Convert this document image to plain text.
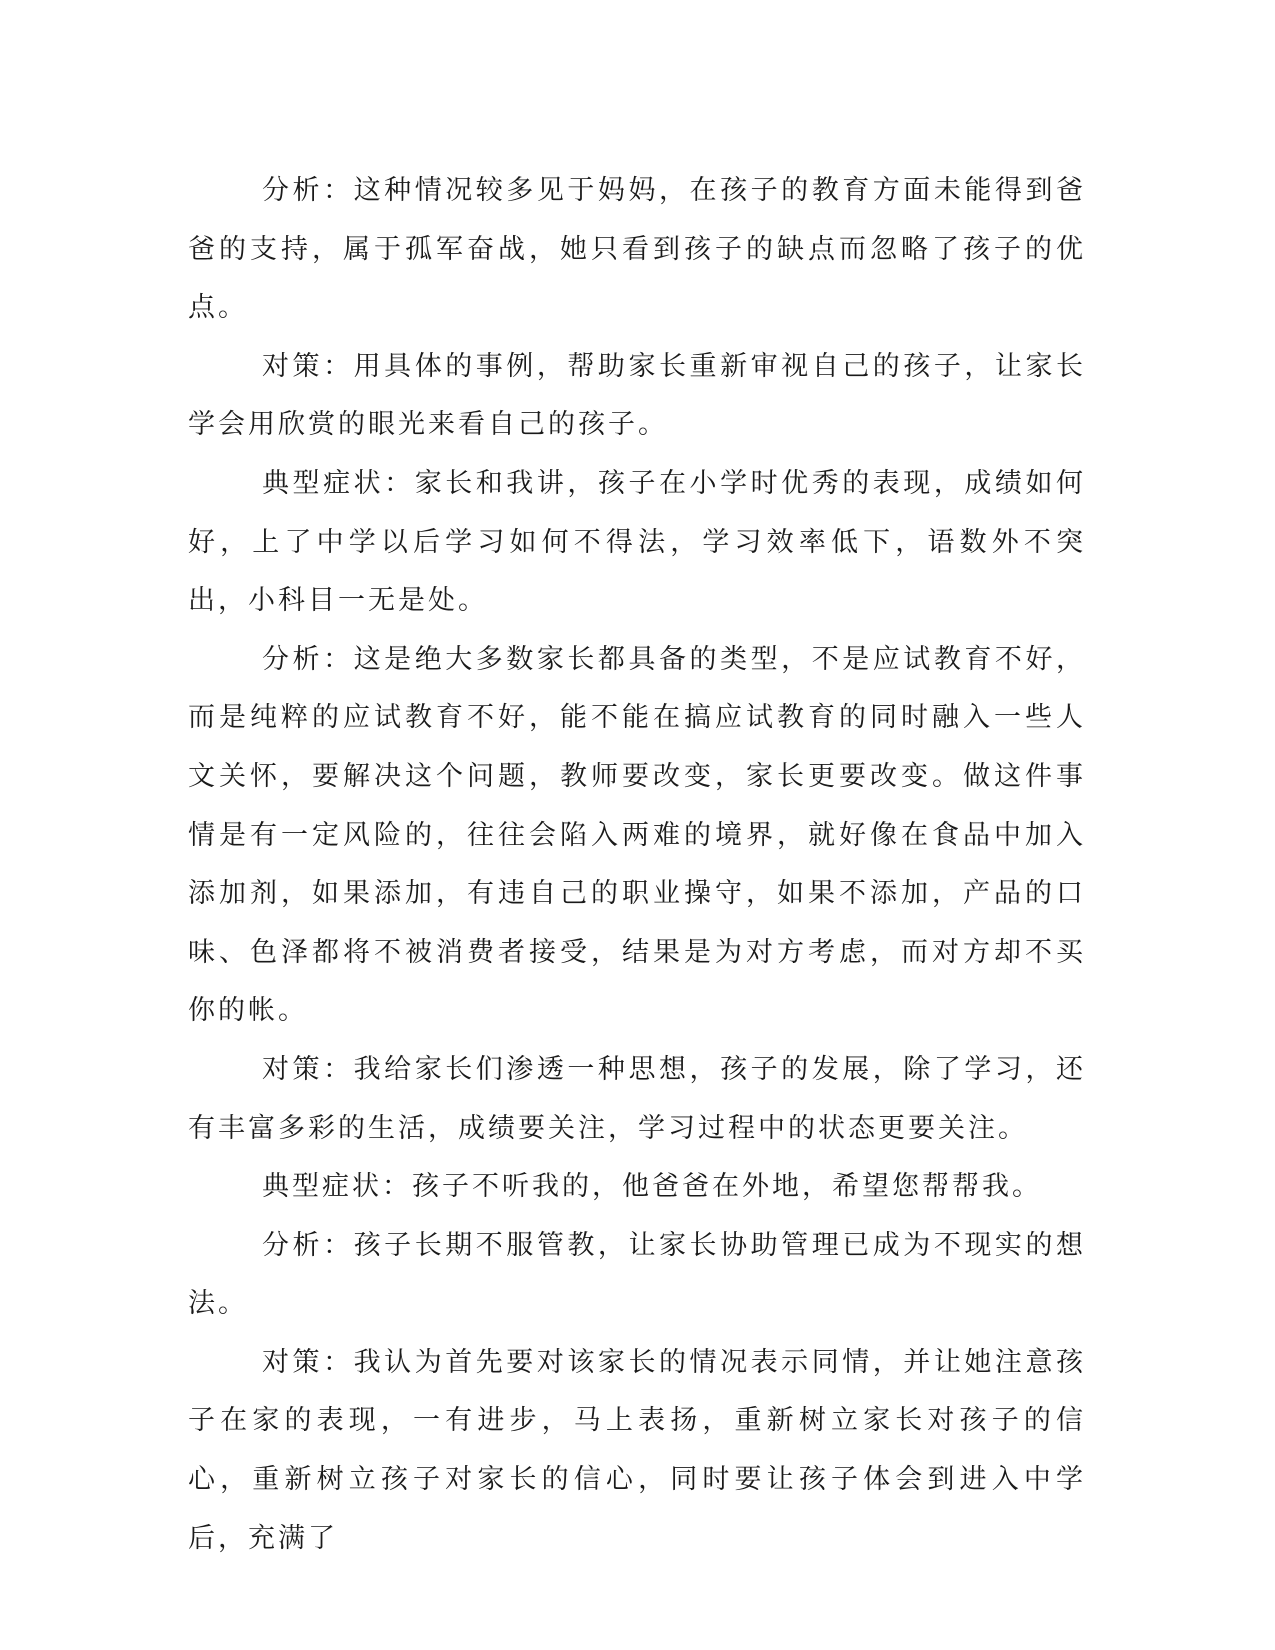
分析：这种情况较多见于妈妈，在孩子的教育方面未能得到爸爸的支持，属于孤军奋战，她只看到孩子的缺点而忽略了孩子的优点。

对策：用具体的事例，帮助家长重新审视自己的孩子，让家长学会用欣赏的眼光来看自己的孩子。

典型症状：家长和我讲，孩子在小学时优秀的表现，成绩如何好，上了中学以后学习如何不得法，学习效率低下，语数外不突出，小科目一无是处。

分析：这是绝大多数家长都具备的类型，不是应试教育不好，而是纯粹的应试教育不好，能不能在搞应试教育的同时融入一些人文关怀，要解决这个问题，教师要改变，家长更要改变。做这件事情是有一定风险的，往往会陷入两难的境界，就好像在食品中加入添加剂，如果添加，有违自己的职业操守，如果不添加，产品的口味、色泽都将不被消费者接受，结果是为对方考虑，而对方却不买你的帐。

对策：我给家长们渗透一种思想，孩子的发展，除了学习，还有丰富多彩的生活，成绩要关注，学习过程中的状态更要关注。

典型症状：孩子不听我的，他爸爸在外地，希望您帮帮我。

分析：孩子长期不服管教，让家长协助管理已成为不现实的想法。

对策：我认为首先要对该家长的情况表示同情，并让她注意孩子在家的表现，一有进步，马上表扬，重新树立家长对孩子的信心，重新树立孩子对家长的信心，同时要让孩子体会到进入中学后，充满了
